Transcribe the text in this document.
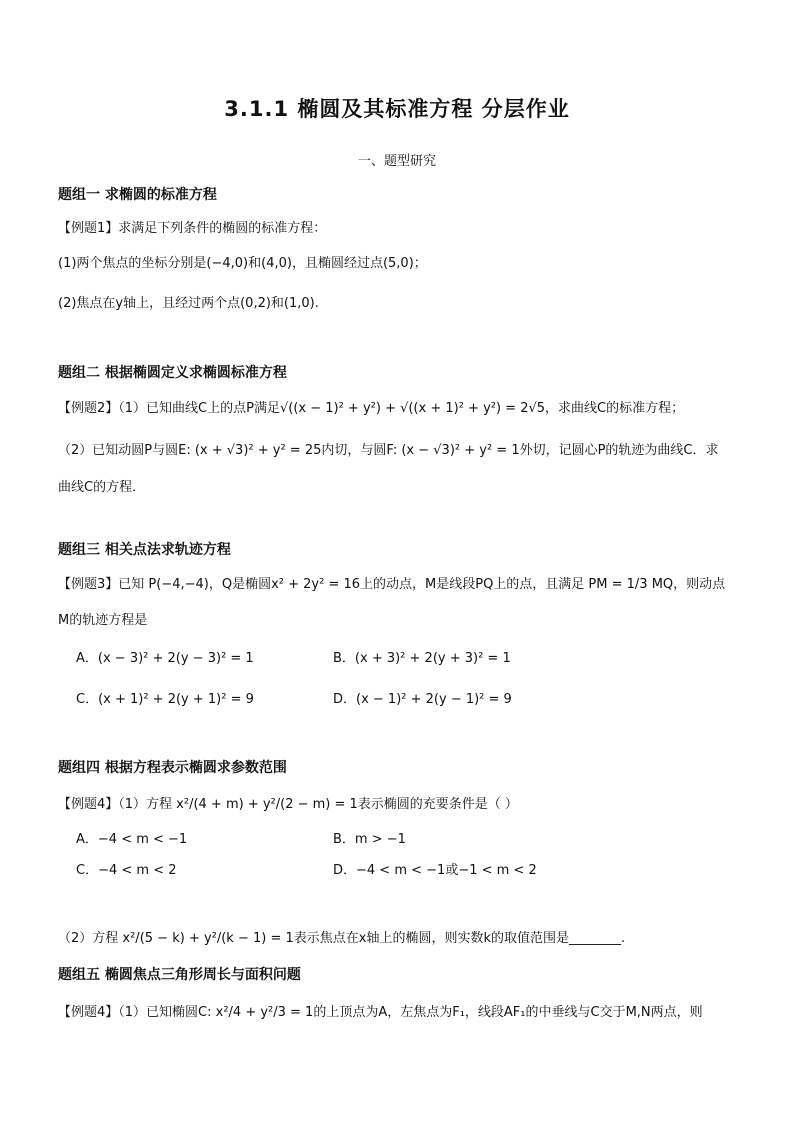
3.1.1 椭圆及其标准方程 分层作业
一、题型研究
题组一 求椭圆的标准方程
【例题1】求满足下列条件的椭圆的标准方程：
(1)两个焦点的坐标分别是(−4,0)和(4,0)，且椭圆经过点(5,0)；
(2)焦点在y轴上，且经过两个点(0,2)和(1,0).
题组二 根据椭圆定义求椭圆标准方程
【例题2】（1）已知曲线C上的点P满足√((x − 1)² + y²) + √((x + 1)² + y²) = 2√5，求曲线C的标准方程；
（2）已知动圆P与圆E: (x + √3)² + y² = 25内切，与圆F: (x − √3)² + y² = 1外切，记圆心P的轨迹为曲线C．求
曲线C的方程．
题组三 相关点法求轨迹方程
【例题3】已知 P(−4,−4)，Q是椭圆x² + 2y² = 16上的动点，M是线段PQ上的点，且满足 PM = 1/3 MQ，则动点
M的轨迹方程是
A．(x − 3)² + 2(y − 3)² = 1	B．(x + 3)² + 2(y + 3)² = 1
C．(x + 1)² + 2(y + 1)² = 9	D．(x − 1)² + 2(y − 1)² = 9
题组四 根据方程表示椭圆求参数范围
【例题4】（1）方程 x²/(4 + m) + y²/(2 − m) = 1表示椭圆的充要条件是（ ）
A．−4 < m < −1	B．m > −1
C．−4 < m < 2	D．−4 < m < −1或−1 < m < 2
（2）方程 x²/(5 − k) + y²/(k − 1) = 1表示焦点在x轴上的椭圆，则实数k的取值范围是________.
题组五 椭圆焦点三角形周长与面积问题
【例题4】（1）已知椭圆C: x²/4 + y²/3 = 1的上顶点为A，左焦点为F₁，线段AF₁的中垂线与C交于M,N两点，则
